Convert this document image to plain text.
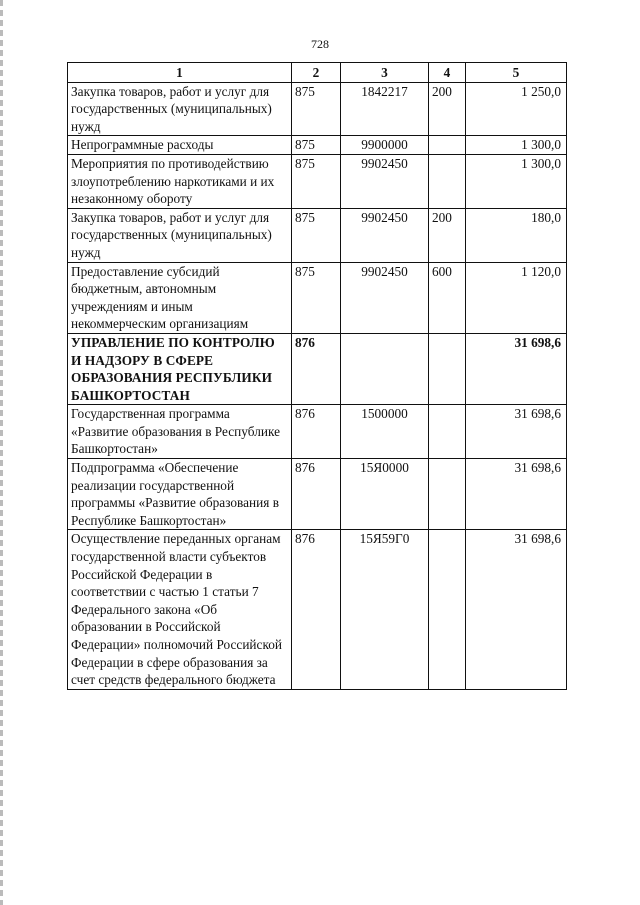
728
1	2	3	4	5
Закупка товаров, работ и услуг для государственных (муниципальных) нужд	875	1842217	200	1 250,0
Непрограммные расходы	875	9900000		1 300,0
Мероприятия по противодействию злоупотреблению наркотиками и их незаконному обороту	875	9902450		1 300,0
Закупка товаров, работ и услуг для государственных (муниципальных) нужд	875	9902450	200	180,0
Предоставление субсидий бюджетным, автономным учреждениям и иным некоммерческим организациям	875	9902450	600	1 120,0
УПРАВЛЕНИЕ ПО КОНТРОЛЮ И НАДЗОРУ В СФЕРЕ ОБРАЗОВАНИЯ РЕСПУБЛИКИ БАШКОРТОСТАН	876			31 698,6
Государственная программа «Развитие образования в Республике Башкортостан»	876	1500000		31 698,6
Подпрограмма «Обеспечение реализации государственной программы «Развитие образования в Республике Башкортостан»	876	15Я0000		31 698,6
Осуществление переданных органам государственной власти субъектов Российской Федерации в соответствии с частью 1 статьи 7 Федерального закона «Об образовании в Российской Федерации» полномочий Российской Федерации в сфере образования за счет средств федерального бюджета	876	15Я59Г0		31 698,6
